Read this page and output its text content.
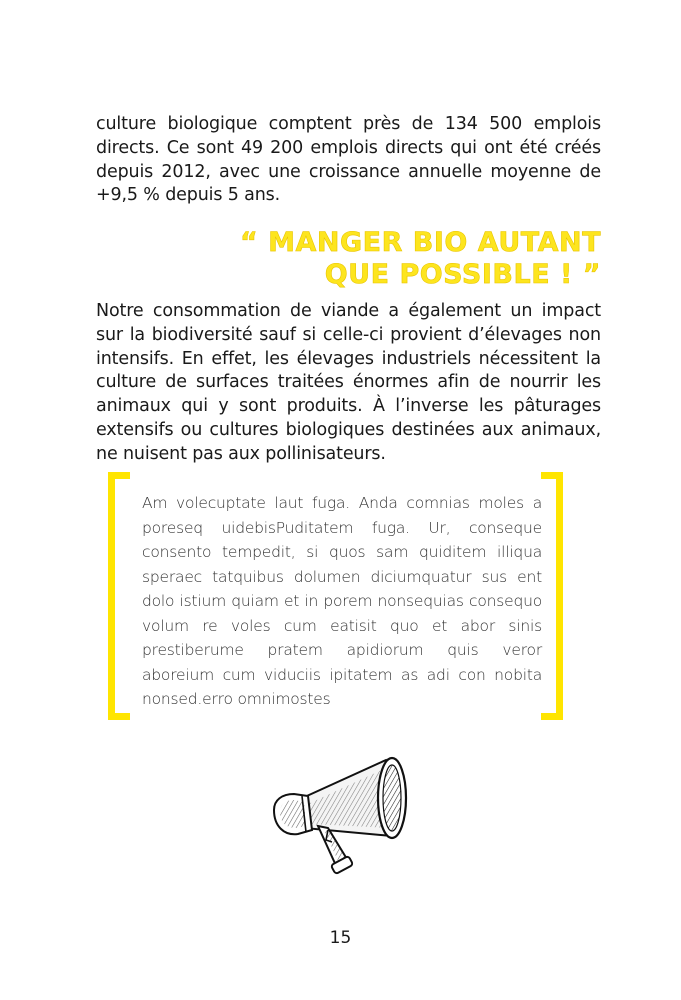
culture biologique comptent près de 134 500 emplois directs. Ce sont 49 200 emplois directs qui ont été créés depuis 2012, avec une croissance annuelle moyenne de +9,5 % depuis 5 ans.

“ MANGER BIO AUTANT
QUE POSSIBLE ! ”

Notre consommation de viande a également un impact sur la biodiversité sauf si celle-ci provient d’élevages non intensifs. En effet, les élevages industriels nécessitent la culture de surfaces traitées énormes afin de nourrir les animaux qui y sont produits. À l’inverse les pâturages extensifs ou cultures biologiques destinées aux animaux, ne nuisent pas aux pollinisateurs.

Am volecuptate laut fuga. Anda comnias moles a poreseq uidebisPuditatem fuga. Ur, conseque consento tempedit, si quos sam quiditem illiqua speraec tatquibus dolumen diciumquatur sus ent dolo istium quiam et in porem nonsequias consequo volum re voles cum eatisit quo et abor sinis prestiberume pratem apidiorum quis veror aboreium cum viduciis ipitatem as adi con nobita nonsed.erro omnimostes

15
